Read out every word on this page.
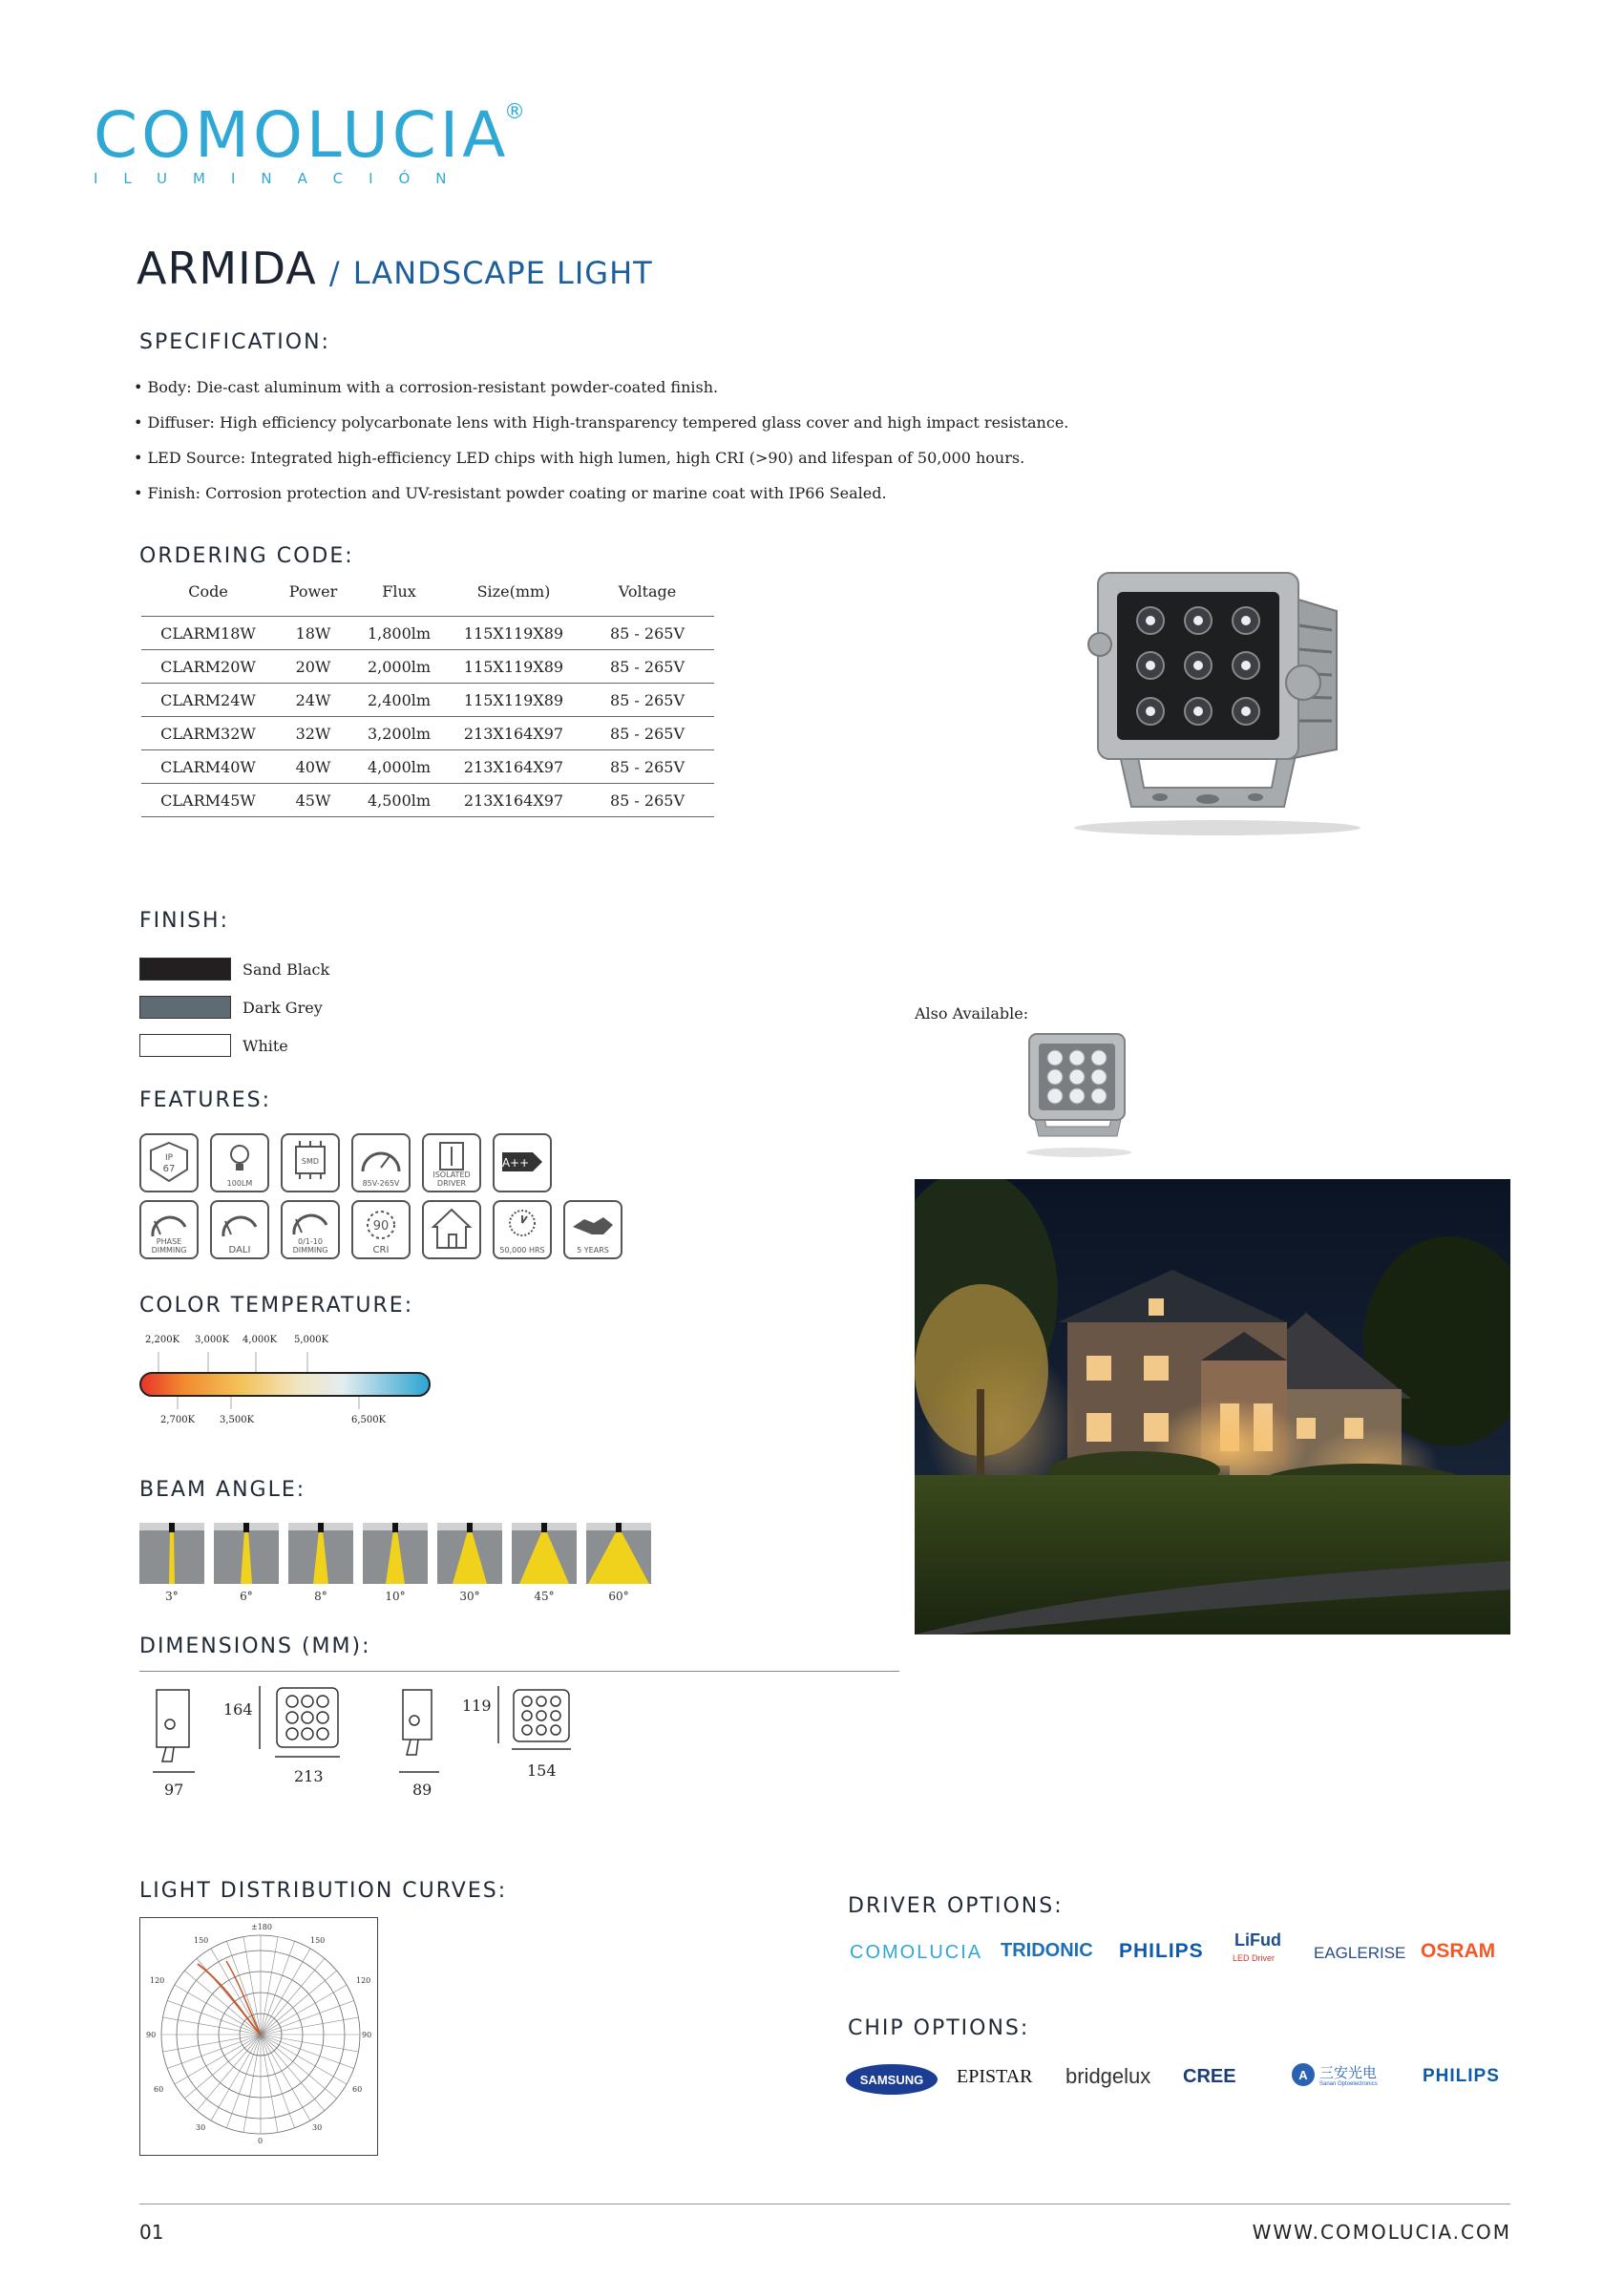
COMOLUCIA
®
ILUMINACIÓN
ARMIDA / LANDSCAPE LIGHT
SPECIFICATION:
• Body: Die-cast aluminum with a corrosion-resistant powder-coated finish.
• Diffuser: High efficiency polycarbonate lens with High-transparency tempered glass cover and high impact resistance.
• LED Source: Integrated high-efficiency LED chips with high lumen, high CRI (>90) and lifespan of 50,000 hours.
• Finish: Corrosion protection and UV-resistant powder coating or marine coat with IP66 Sealed.
ORDERING CODE:
Code	Power	Flux	Size(mm)	Voltage
CLARM18W	18W	1,800lm	115X119X89	85 - 265V
CLARM20W	20W	2,000lm	115X119X89	85 - 265V
CLARM24W	24W	2,400lm	115X119X89	85 - 265V
CLARM32W	32W	3,200lm	213X164X97	85 - 265V
CLARM40W	40W	4,000lm	213X164X97	85 - 265V
CLARM45W	45W	4,500lm	213X164X97	85 - 265V
FINISH:
Sand Black
Dark Grey
White
Also Available:
FEATURES:
IP
67
100LM
SMD
85V-265V
ISOLATED DRIVER
A++
PHASE DIMMING	DALI
0/1-10 DIMMING
90
CRI	50,000 HRS	5 YEARS
COLOR TEMPERATURE:
2,200K 3,000K 4,000K 5,000K
2,700K	3,500K	6,500K
BEAM ANGLE:
3°	6°	8°	10°	30°	45°	60°
DIMENSIONS (MM):
164
213
97
119
154
89
LIGHT DISTRIBUTION CURVES:
±180
150	150
120	120
90	90
60	60
30	30
0
DRIVER OPTIONS:
COMOLUCIA TRIDONIC PHILIPS LiFud
LED Driver EAGLERISE OSRAM
CHIP OPTIONS:
SAMSUNG EPISTAR bridgelux CREE	A 三安光电
Sanan Optoelectronics PHILIPS
01	WWW.COMOLUCIA.COM
